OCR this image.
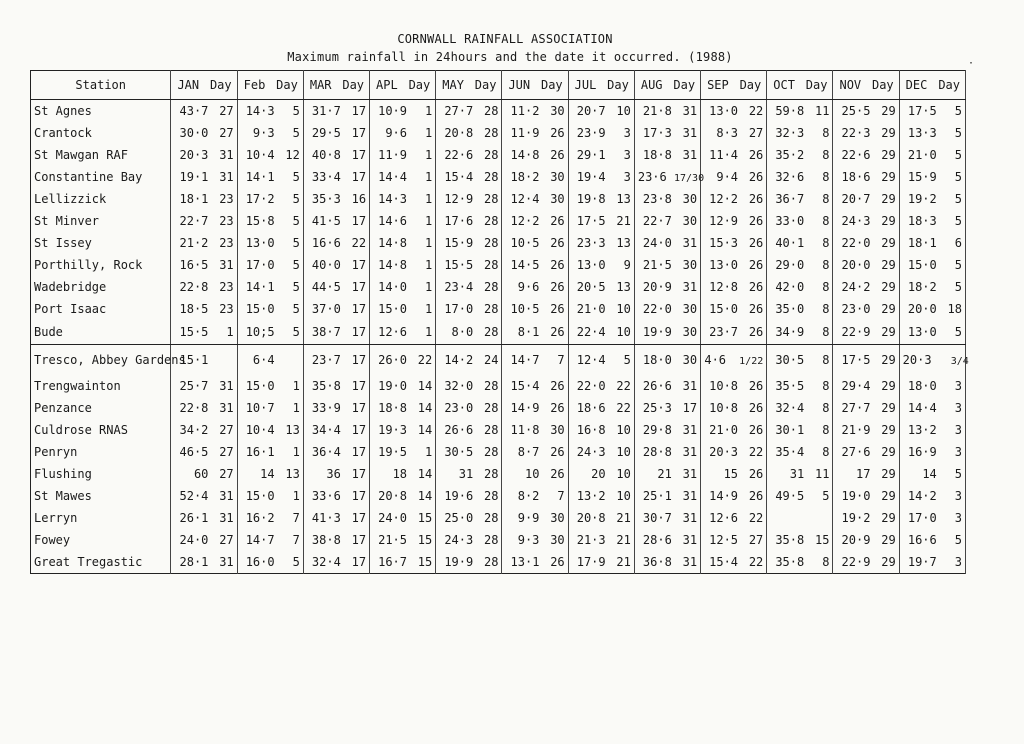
CORNWALL RAINFALL ASSOCIATION
Maximum rainfall in 24hours and the date it occurred. (1988)	·
Station	JAN Day	Feb Day	MAR Day	APL Day	MAY Day	JUN Day	JUL Day	AUG Day	SEP Day	OCT Day	NOV Day	DEC Day

St Agnes	43·7 27	14·3 5	31·7 17	10·9 1	27·7 28	11·2 30	20·7 10	21·8 31	13·0 22	59·8 11	25·5 29	17·5 5
Crantock	30·0 27	9·3 5	29·5 17	9·6 1	20·8 28	11·9 26	23·9 3	17·3 31	8·3 27	32·3 8	22·3 29	13·3 5
St Mawgan RAF	20·3 31	10·4 12	40·8 17	11·9 1	22·6 28	14·8 26	29·1 3	18·8 31	11·4 26	35·2 8	22·6 29	21·0 5
Constantine Bay	19·1 31	14·1 5	33·4 17	14·4 1	15·4 28	18·2 30	19·4 3	23·6 17/30	9·4 26	32·6 8	18·6 29	15·9 5
Lellizzick	18·1 23	17·2 5	35·3 16	14·3 1	12·9 28	12·4 30	19·8 13	23·8 30	12·2 26	36·7 8	20·7 29	19·2 5
St Minver	22·7 23	15·8 5	41·5 17	14·6 1	17·6 28	12·2 26	17·5 21	22·7 30	12·9 26	33·0 8	24·3 29	18·3 5
St Issey	21·2 23	13·0 5	16·6 22	14·8 1	15·9 28	10·5 26	23·3 13	24·0 31	15·3 26	40·1 8	22·0 29	18·1 6
Porthilly, Rock	16·5 31	17·0 5	40·0 17	14·8 1	15·5 28	14·5 26	13·0 9	21·5 30	13·0 26	29·0 8	20·0 29	15·0 5
Wadebridge	22·8 23	14·1 5	44·5 17	14·0 1	23·4 28	9·6 26	20·5 13	20·9 31	12·8 26	42·0 8	24·2 29	18·2 5
Port Isaac	18·5 23	15·0 5	37·0 17	15·0 1	17·0 28	10·5 26	21·0 10	22·0 30	15·0 26	35·0 8	23·0 29	20·0 18
Bude	15·5 1	10;5 5	38·7 17	12·6 1	8·0 28	8·1 26	22·4 10	19·9 30	23·7 26	34·9 8	22·9 29	13·0 5
Tresco, Abbey Gardens	15·1	6·4	23·7 17	26·0 22	14·2 24	14·7 7	12·4 5	18·0 30	4·6 1/22	30·5 8	17·5 29	20·3 3/4
Trengwainton	25·7 31	15·0 1	35·8 17	19·0 14	32·0 28	15·4 26	22·0 22	26·6 31	10·8 26	35·5 8	29·4 29	18·0 3
Penzance	22·8 31	10·7 1	33·9 17	18·8 14	23·0 28	14·9 26	18·6 22	25·3 17	10·8 26	32·4 8	27·7 29	14·4 3
Culdrose RNAS	34·2 27	10·4 13	34·4 17	19·3 14	26·6 28	11·8 30	16·8 10	29·8 31	21·0 26	30·1 8	21·9 29	13·2 3
Penryn	46·5 27	16·1 1	36·4 17	19·5 1	30·5 28	8·7 26	24·3 10	28·8 31	20·3 22	35·4 8	27·6 29	16·9 3
Flushing	60 27	14 13	36 17	18 14	31 28	10 26	20 10	21 31	15 26	31 11	17 29	14 5
St Mawes	52·4 31	15·0 1	33·6 17	20·8 14	19·6 28	8·2 7	13·2 10	25·1 31	14·9 26	49·5 5	19·0 29	14·2 3
Lerryn	26·1 31	16·2 7	41·3 17	24·0 15	25·0 28	9·9 30	20·8 21	30·7 31	12·6 22		19·2 29	17·0 3
Fowey	24·0 27	14·7 7	38·8 17	21·5 15	24·3 28	9·3 30	21·3 21	28·6 31	12·5 27	35·8 15	20·9 29	16·6 5
Great Tregastic	28·1 31	16·0 5	32·4 17	16·7 15	19·9 28	13·1 26	17·9 21	36·8 31	15·4 22	35·8 8	22·9 29	19·7 3
